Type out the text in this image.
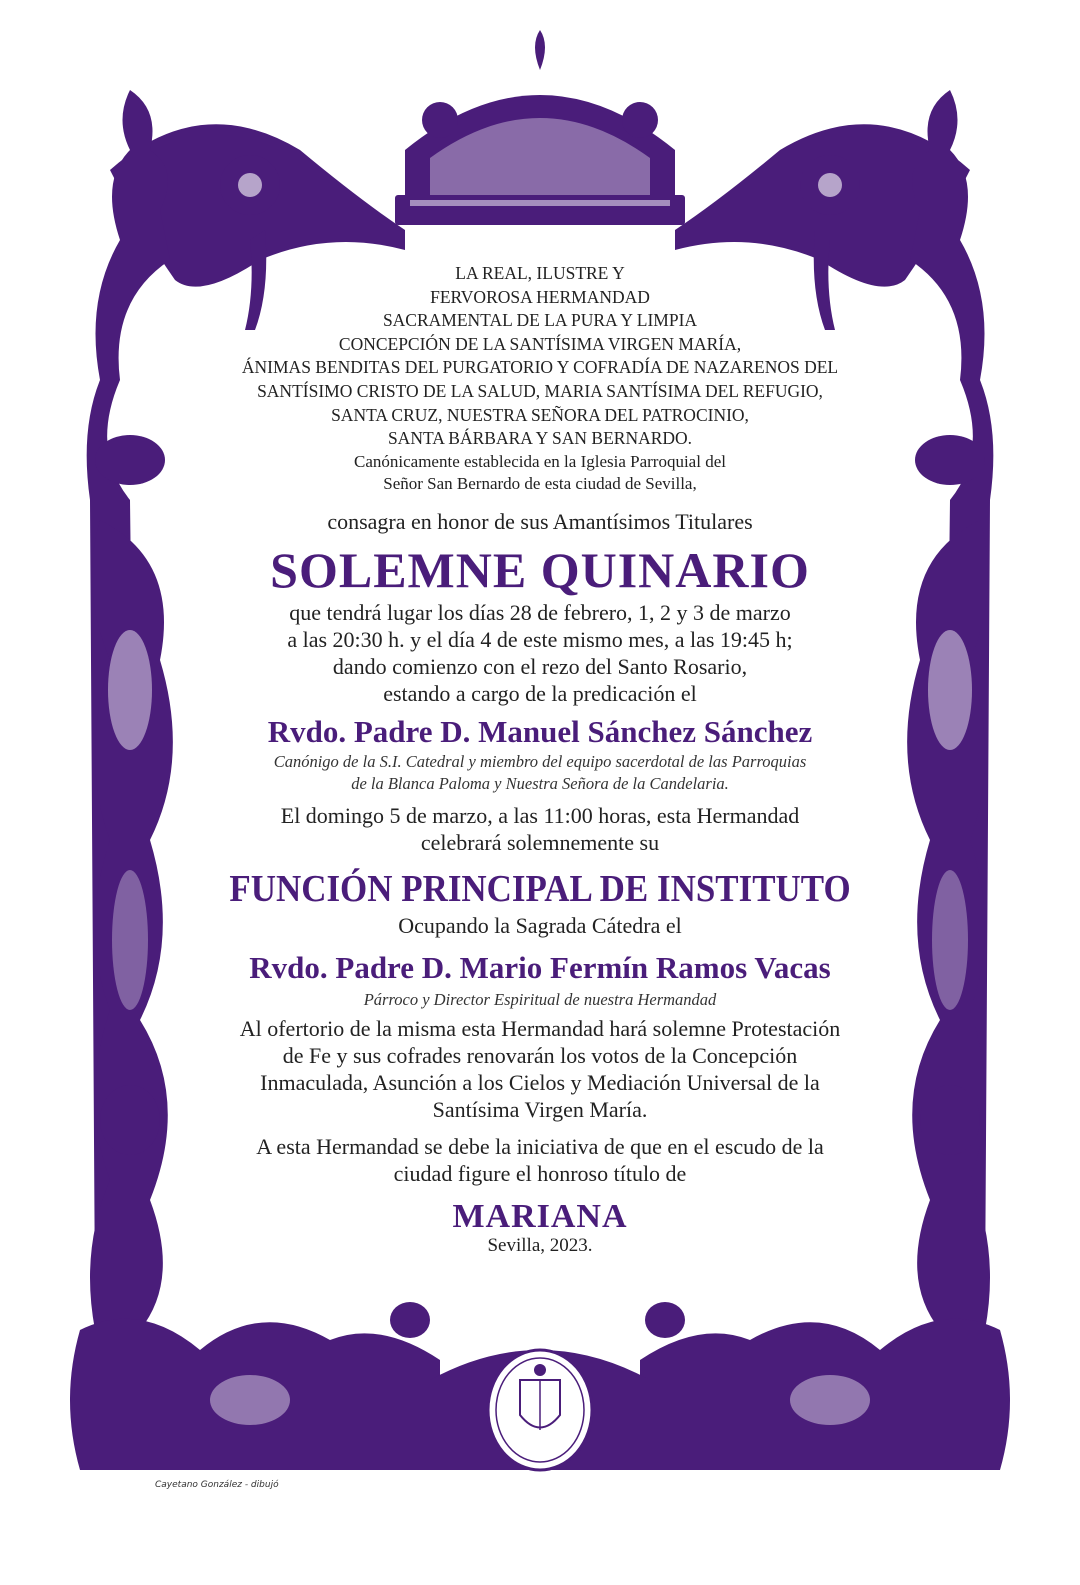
LA REAL, ILUSTRE Y
FERVOROSA HERMANDAD
SACRAMENTAL DE LA PURA Y LIMPIA
CONCEPCIÓN DE LA SANTÍSIMA VIRGEN MARÍA,
ÁNIMAS BENDITAS DEL PURGATORIO Y COFRADÍA DE NAZARENOS DEL
SANTÍSIMO CRISTO DE LA SALUD, MARIA SANTÍSIMA DEL REFUGIO,
SANTA CRUZ, NUESTRA SEÑORA DEL PATROCINIO,
SANTA BÁRBARA Y SAN BERNARDO.
Canónicamente establecida en la Iglesia Parroquial del
Señor San Bernardo de esta ciudad de Sevilla,
consagra en honor de sus Amantísimos Titulares
SOLEMNE QUINARIO
que tendrá lugar los días 28 de febrero, 1, 2 y 3 de marzo
a las 20:30 h. y el día 4 de este mismo mes, a las 19:45 h;
dando comienzo con el rezo del Santo Rosario,
estando a cargo de la predicación el
Rvdo. Padre D. Manuel Sánchez Sánchez
Canónigo de la S.I. Catedral y miembro del equipo sacerdotal de las Parroquias
de la Blanca Paloma y Nuestra Señora de la Candelaria.
El domingo 5 de marzo, a las 11:00 horas, esta Hermandad
celebrará solemnemente su
FUNCIÓN PRINCIPAL DE INSTITUTO
Ocupando la Sagrada Cátedra el
Rvdo. Padre D. Mario Fermín Ramos Vacas
Párroco y Director Espiritual de nuestra Hermandad
Al ofertorio de la misma esta Hermandad hará solemne Protestación
de Fe y sus cofrades renovarán los votos de la Concepción
Inmaculada, Asunción a los Cielos y Mediación Universal de la
Santísima Virgen María.
A esta Hermandad se debe la iniciativa de que en el escudo de la
ciudad figure el honroso título de
MARIANA
Sevilla, 2023.
Cayetano González - dibujó
